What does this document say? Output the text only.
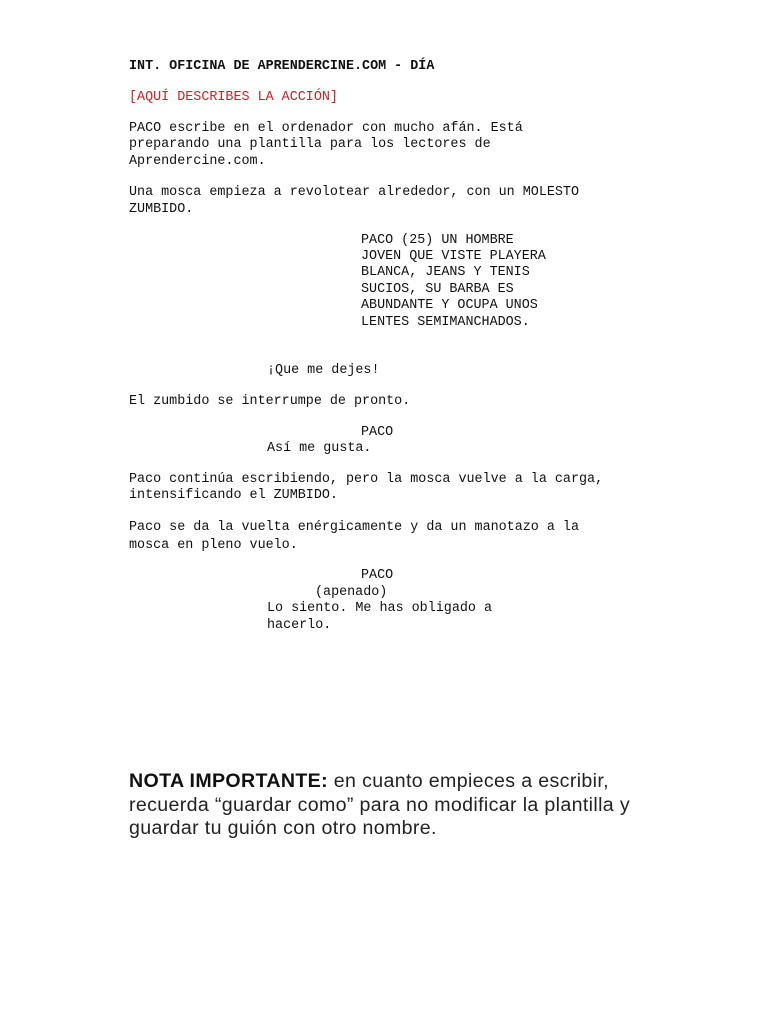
INT. OFICINA DE APRENDERCINE.COM - DÍA

[AQUÍ DESCRIBES LA ACCIÓN]

PACO escribe en el ordenador con mucho afán. Está

preparando una plantilla para los lectores de

Aprendercine.com.

Una mosca empieza a revolotear alrededor, con un MOLESTO

ZUMBIDO.

PACO (25) UN HOMBRE

JOVEN QUE VISTE PLAYERA

BLANCA, JEANS Y TENIS

SUCIOS, SU BARBA ES

ABUNDANTE Y OCUPA UNOS

LENTES SEMIMANCHADOS.

¡Que me dejes!

El zumbido se interrumpe de pronto.

PACO

Así me gusta.

Paco continúa escribiendo, pero la mosca vuelve a la carga,

intensificando el ZUMBIDO.

Paco se da la vuelta enérgicamente y da un manotazo a la

mosca en pleno vuelo.

PACO

(apenado)

Lo siento. Me has obligado a

hacerlo.

NOTA IMPORTANTE: en cuanto empieces a escribir, recuerda “guardar como” para no modificar la plantilla y guardar tu guión con otro nombre.
